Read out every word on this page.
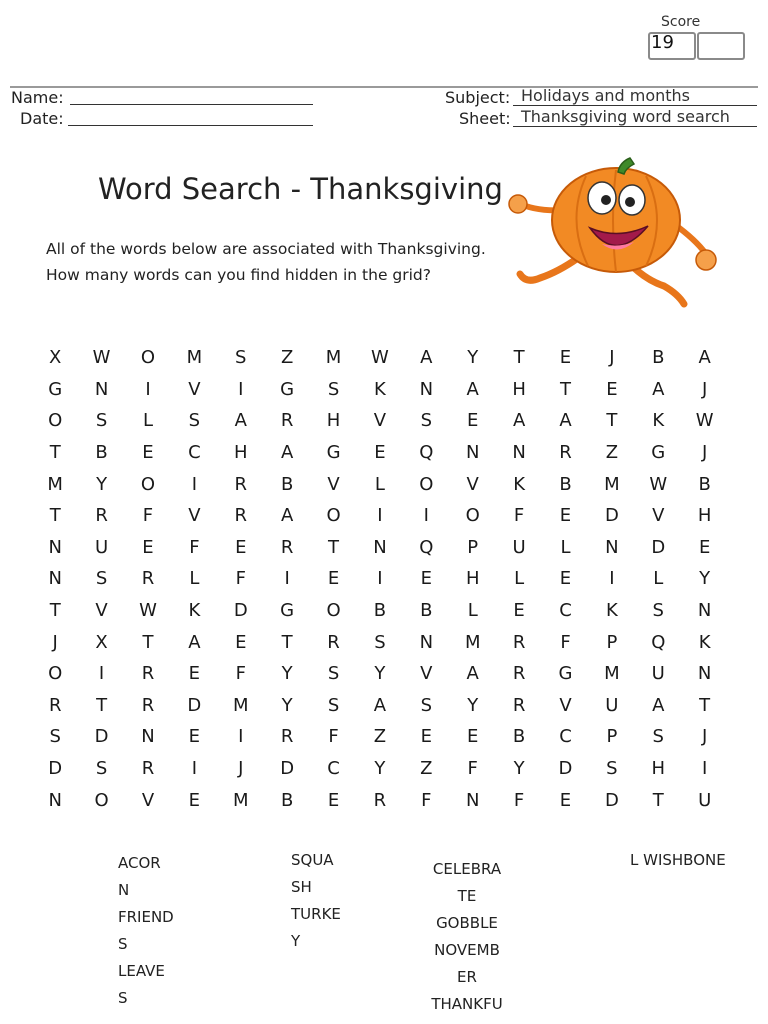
Score
19
Name:
Date:
Subject: Holidays and months
Sheet: Thanksgiving word search
Word Search - Thanksgiving
All of the words below are associated with Thanksgiving. How many words can you find hidden in the grid?
X	W	O	M	S	Z	M	W	A	Y	T	E	J	B	A
G	N	I	V	I	G	S	K	N	A	H	T	E	A	J
O	S	L	S	A	R	H	V	S	E	A	A	T	K	W
T	B	E	C	H	A	G	E	Q	N	N	R	Z	G	J
M	Y	O	I	R	B	V	L	O	V	K	B	M	W	B
T	R	F	V	R	A	O	I	I	O	F	E	D	V	H
N	U	E	F	E	R	T	N	Q	P	U	L	N	D	E
N	S	R	L	F	I	E	I	E	H	L	E	I	L	Y
T	V	W	K	D	G	O	B	B	L	E	C	K	S	N
J	X	T	A	E	T	R	S	N	M	R	F	P	Q	K
O	I	R	E	F	Y	S	Y	V	A	R	G	M	U	N
R	T	R	D	M	Y	S	A	S	Y	R	V	U	A	T
S	D	N	E	I	R	F	Z	E	E	B	C	P	S	J
D	S	R	I	J	D	C	Y	Z	F	Y	D	S	H	I
N	O	V	E	M	B	E	R	F	N	F	E	D	T	U
ACOR
N
FRIEND
S
LEAVE
S
SQUA
SH
TURKE
Y
CELEBRA
TE
GOBBLE
NOVEMB
ER
THANKFU
L WISHBONE
